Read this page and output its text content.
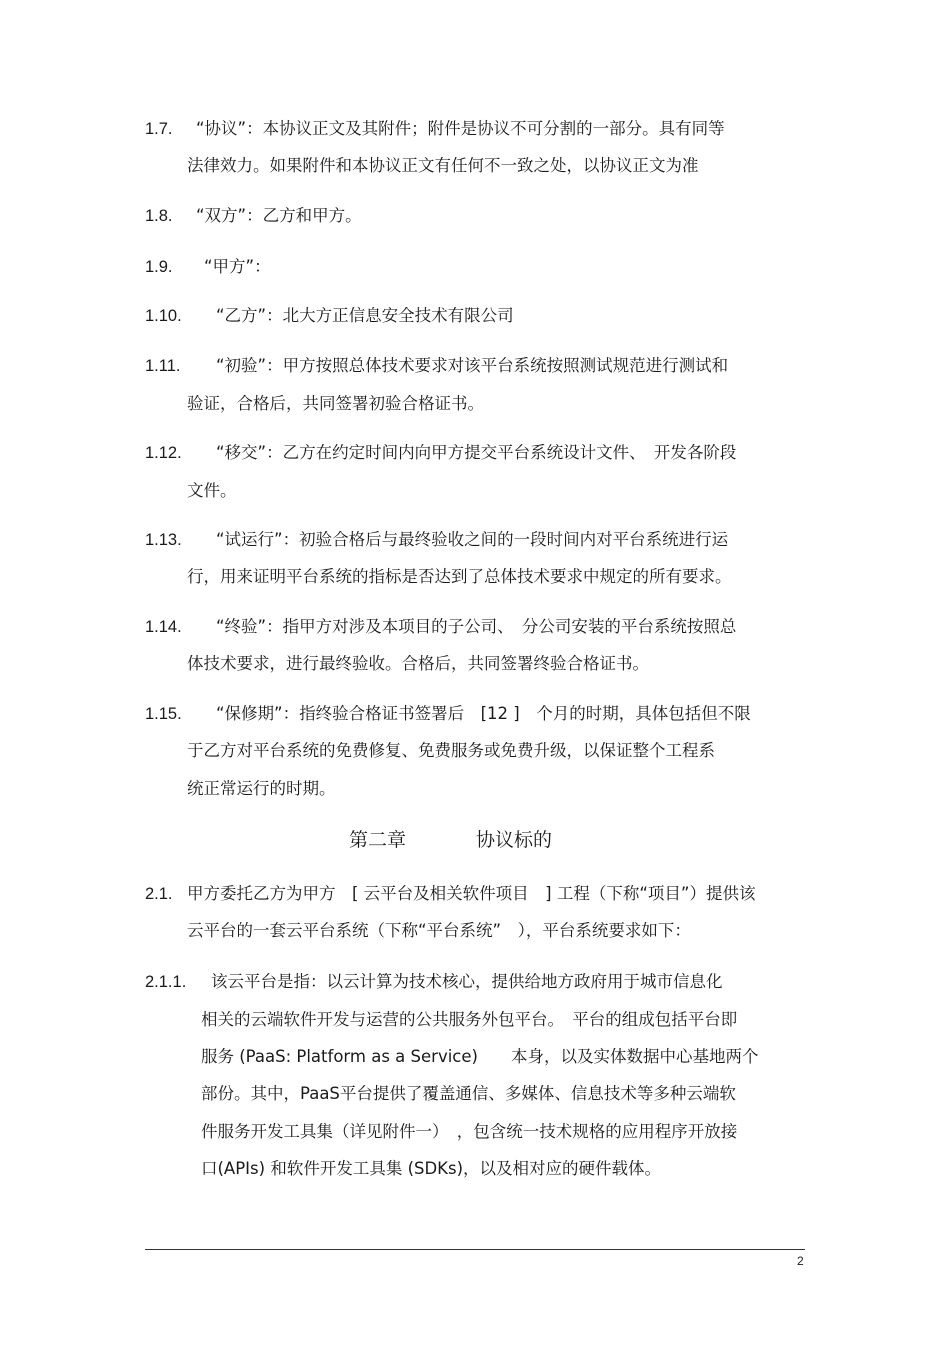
1.7. “协议”：本协议正文及其附件；附件是协议不可分割的一部分。具有同等
法律效力。如果附件和本协议正文有任何不一致之处，以协议正文为准
1.8. “双方”：乙方和甲方。
1.9. “甲方”：
1.10. “乙方”：北大方正信息安全技术有限公司
1.11. “初验”：甲方按照总体技术要求对该平台系统按照测试规范进行测试和
验证，合格后，共同签署初验合格证书。
1.12. “移交”：乙方在约定时间内向甲方提交平台系统设计文件、　开发各阶段
文件。
1.13. “试运行”：初验合格后与最终验收之间的一段时间内对平台系统进行运
行，用来证明平台系统的指标是否达到了总体技术要求中规定的所有要求。
1.14. “终验”：指甲方对涉及本项目的子公司、　分公司安装的平台系统按照总
体技术要求，进行最终验收。合格后，共同签署终验合格证书。
1.15. “保修期”：指终验合格证书签署后　[12 ]　个月的时期，具体包括但不限
于乙方对平台系统的免费修复、免费服务或免费升级，以保证整个工程系
统正常运行的时期。
第二章	协议标的
2.1. 甲方委托乙方为甲方　[ 云平台及相关软件项目　] 工程（下称“项目”）提供该
云平台的一套云平台系统（下称“平台系统”　），平台系统要求如下：
2.1.1. 该云平台是指：以云计算为技术核心，提供给地方政府用于城市信息化
相关的云端软件开发与运营的公共服务外包平台。　平台的组成包括平台即
服务 (PaaS: Platform as a Service)　　本身，以及实体数据中心基地两个
部份。其中，PaaS平台提供了覆盖通信、多媒体、信息技术等多种云端软
件服务开发工具集（详见附件一）　，包含统一技术规格的应用程序开放接
口(APIs) 和软件开发工具集 (SDKs)，以及相对应的硬件载体。
2
